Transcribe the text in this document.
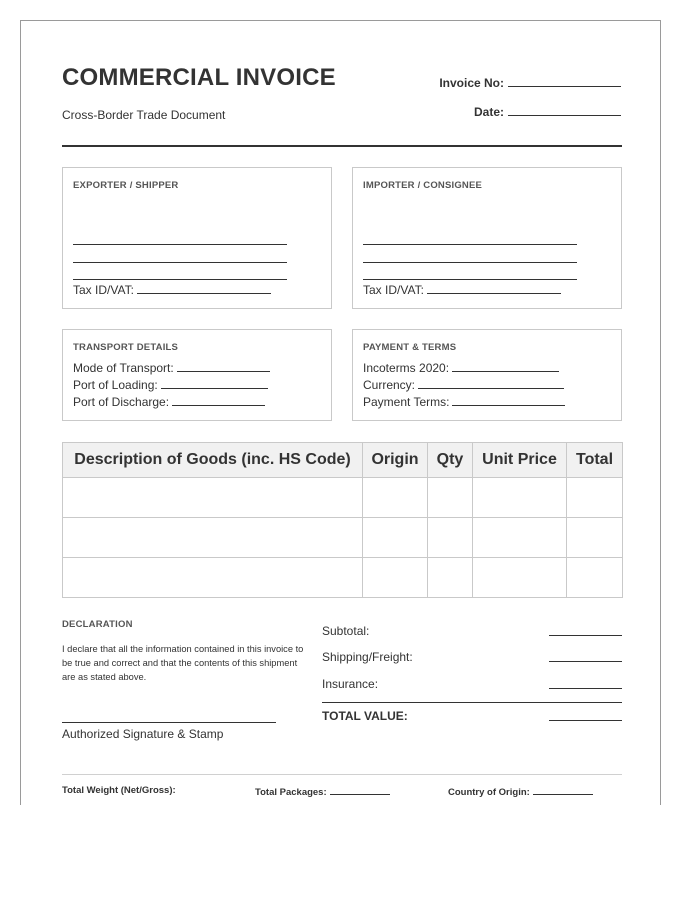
COMMERCIAL INVOICE
Cross-Border Trade Document
Invoice No:
Date:
EXPORTER / SHIPPER
Tax ID/VAT:
IMPORTER / CONSIGNEE
Tax ID/VAT:
TRANSPORT DETAILS
Mode of Transport:
Port of Loading:
Port of Discharge:
PAYMENT & TERMS
Incoterms 2020:
Currency:
Payment Terms:
Description of Goods (inc. HS Code)	Origin	Qty	Unit Price	Total

DECLARATION
I declare that all the information contained in this invoice to be true and correct and that the contents of this shipment are as stated above.
Authorized Signature & Stamp
Subtotal:
Shipping/Freight:
Insurance:
TOTAL VALUE:
Total Weight (Net/Gross):	Total Packages:	Country of Origin:
